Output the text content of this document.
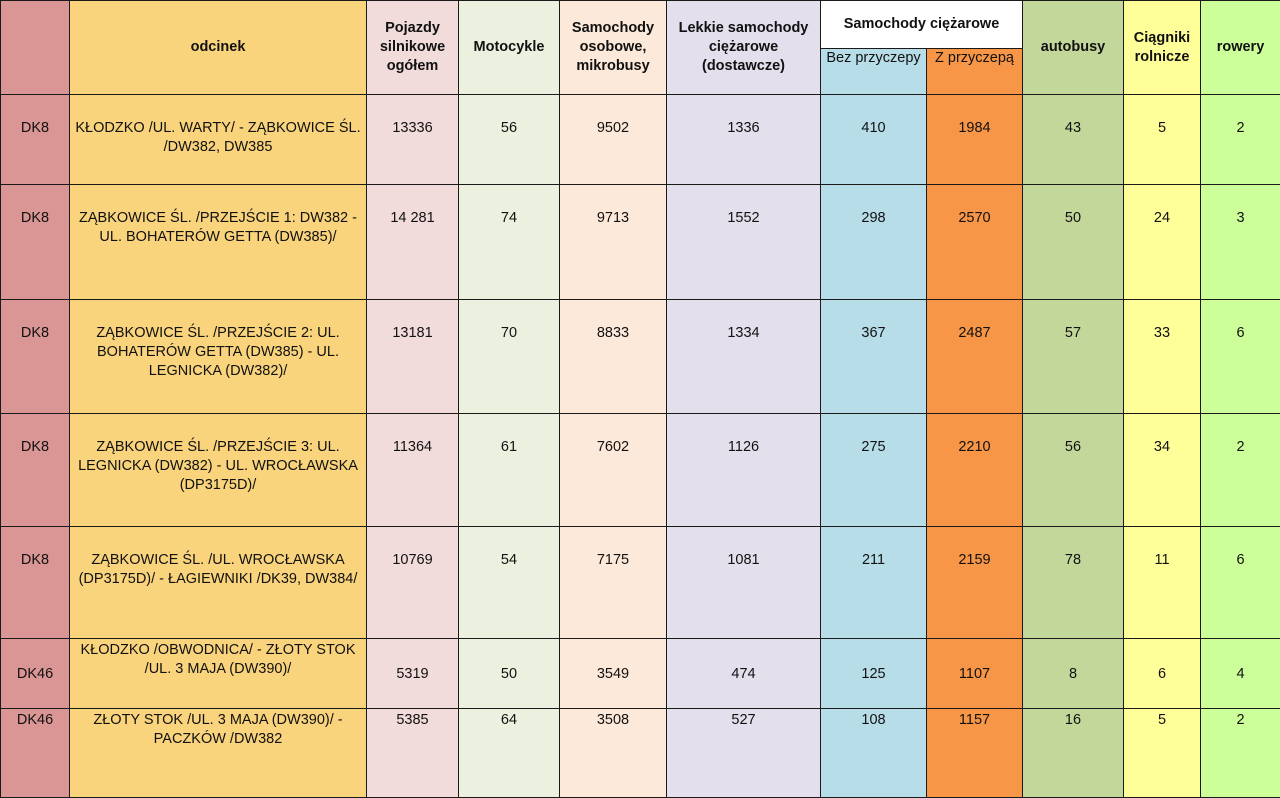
	odcinek	Pojazdy silnikowe ogółem	Motocykle	Samochody osobowe, mikrobusy	Lekkie samochody ciężarowe (dostawcze)	Samochody ciężarowe		autobusy	Ciągniki rolnicze	rowery
						Bez przyczepy	Z przyczepą			
DK8	KŁODZKO /UL. WARTY/ - ZĄBKOWICE ŚL. /DW382, DW385	13336	56	9502	1336	410	1984	43	5	2
DK8	ZĄBKOWICE ŚL. /PRZEJŚCIE 1: DW382 - UL. BOHATERÓW GETTA (DW385)/	14 281	74	9713	1552	298	2570	50	24	3
DK8	ZĄBKOWICE ŚL. /PRZEJŚCIE 2: UL. BOHATERÓW GETTA (DW385) - UL. LEGNICKA (DW382)/	13181	70	8833	1334	367	2487	57	33	6
DK8	ZĄBKOWICE ŚL. /PRZEJŚCIE 3: UL. LEGNICKA (DW382) - UL. WROCŁAWSKA (DP3175D)/	11364	61	7602	1126	275	2210	56	34	2
DK8	ZĄBKOWICE ŚL. /UL. WROCŁAWSKA (DP3175D)/ - ŁAGIEWNIKI /DK39, DW384/	10769	54	7175	1081	211	2159	78	11	6
DK46	KŁODZKO /OBWODNICA/ - ZŁOTY STOK /UL. 3 MAJA (DW390)/	5319	50	3549	474	125	1107	8	6	4
DK46	ZŁOTY STOK /UL. 3 MAJA (DW390)/ - PACZKÓW /DW382	5385	64	3508	527	108	1157	16	5	2
